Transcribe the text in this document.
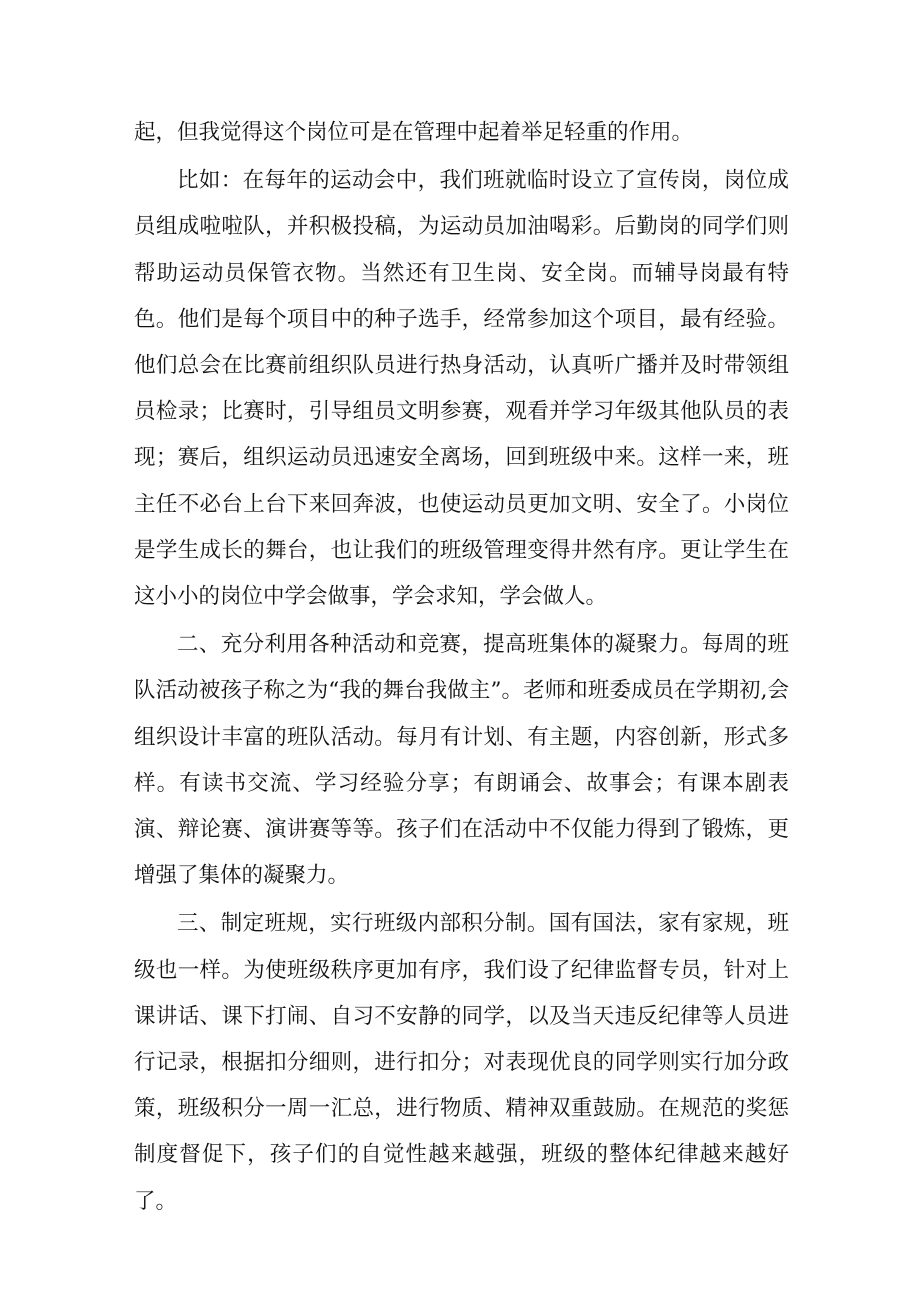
起，但我觉得这个岗位可是在管理中起着举足轻重的作用。

比如：在每年的运动会中，我们班就临时设立了宣传岗，岗位成员组成啦啦队，并积极投稿，为运动员加油喝彩。后勤岗的同学们则帮助运动员保管衣物。当然还有卫生岗、安全岗。而辅导岗最有特色。他们是每个项目中的种子选手，经常参加这个项目，最有经验。他们总会在比赛前组织队员进行热身活动，认真听广播并及时带领组员检录；比赛时，引导组员文明参赛，观看并学习年级其他队员的表现；赛后，组织运动员迅速安全离场，回到班级中来。这样一来，班主任不必台上台下来回奔波，也使运动员更加文明、安全了。小岗位是学生成长的舞台，也让我们的班级管理变得井然有序。更让学生在这小小的岗位中学会做事，学会求知，学会做人。

二、充分利用各种活动和竞赛，提高班集体的凝聚力。每周的班队活动被孩子称之为“我的舞台我做主”。老师和班委成员在学期初,会组织设计丰富的班队活动。每月有计划、有主题，内容创新，形式多样。有读书交流、学习经验分享；有朗诵会、故事会；有课本剧表演、辩论赛、演讲赛等等。孩子们在活动中不仅能力得到了锻炼，更增强了集体的凝聚力。

三、制定班规，实行班级内部积分制。国有国法，家有家规，班级也一样。为使班级秩序更加有序，我们设了纪律监督专员，针对上课讲话、课下打闹、自习不安静的同学，以及当天违反纪律等人员进行记录，根据扣分细则，进行扣分；对表现优良的同学则实行加分政策，班级积分一周一汇总，进行物质、精神双重鼓励。在规范的奖惩制度督促下，孩子们的自觉性越来越强，班级的整体纪律越来越好了。
